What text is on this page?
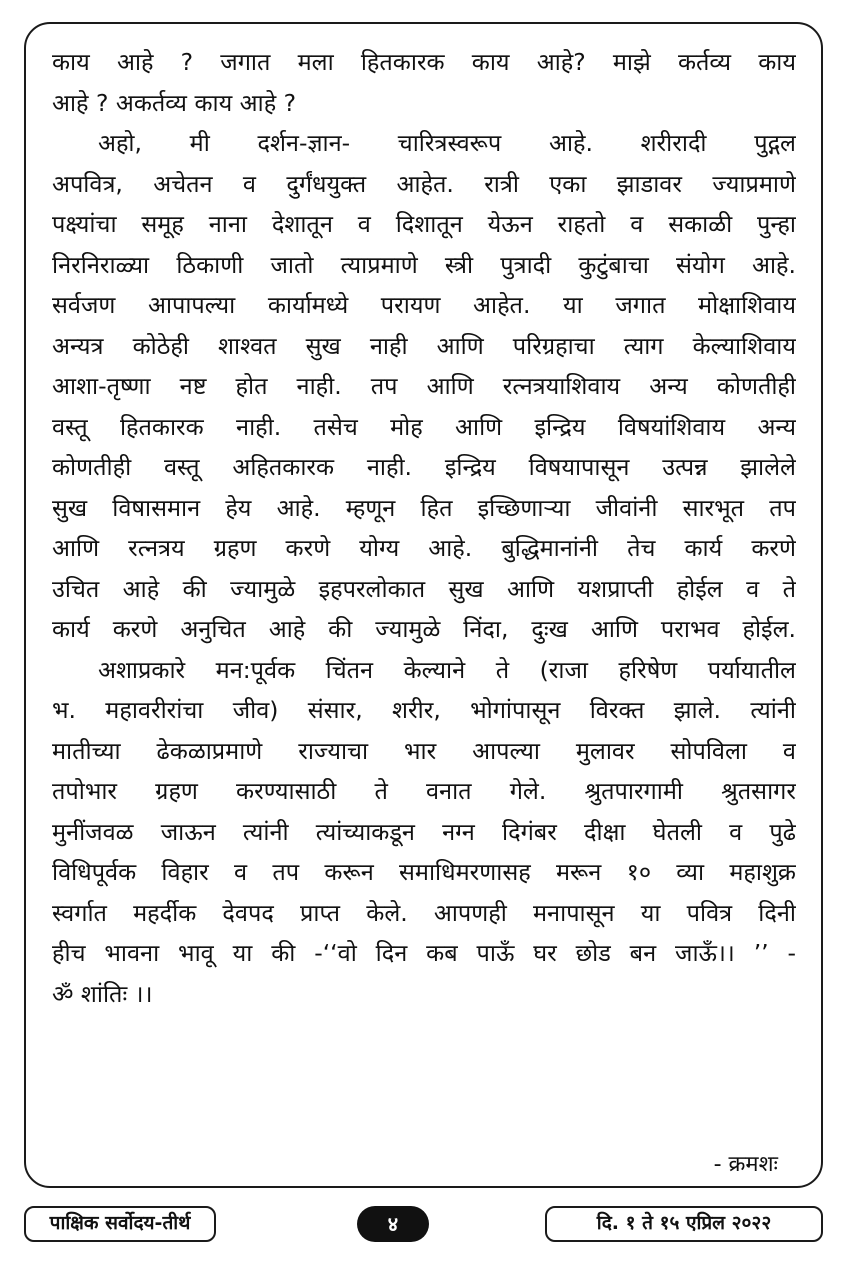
काय आहे ? जगात मला हितकारक काय आहे? माझे कर्तव्य काय
आहे ? अकर्तव्य काय आहे ?
अहो, मी दर्शन-ज्ञान- चारित्रस्वरूप आहे. शरीरादी पुद्गल
अपवित्र, अचेतन व दुर्गंधयुक्त आहेत. रात्री एका झाडावर ज्याप्रमाणे
पक्ष्यांचा समूह नाना देशातून व दिशातून येऊन राहतो व सकाळी पुन्हा
निरनिराळ्या ठिकाणी जातो त्याप्रमाणे स्त्री पुत्रादी कुटुंबाचा संयोग आहे.
सर्वजण आपापल्या कार्यामध्ये परायण आहेत. या जगात मोक्षाशिवाय
अन्यत्र कोठेही शाश्वत सुख नाही आणि परिग्रहाचा त्याग केल्याशिवाय
आशा-तृष्णा नष्ट होत नाही. तप आणि रत्नत्रयाशिवाय अन्य कोणतीही
वस्तू हितकारक नाही. तसेच मोह आणि इन्द्रिय विषयांशिवाय अन्य
कोणतीही वस्तू अहितकारक नाही. इन्द्रिय विषयापासून उत्पन्न झालेले
सुख विषासमान हेय आहे. म्हणून हित इच्छिणाऱ्या जीवांनी सारभूत तप
आणि रत्नत्रय ग्रहण करणे योग्य आहे. बुद्धिमानांनी तेच कार्य करणे
उचित आहे की ज्यामुळे इहपरलोकात सुख आणि यशप्राप्ती होईल व ते
कार्य करणे अनुचित आहे की ज्यामुळे निंदा, दुःख आणि पराभव होईल.
अशाप्रकारे मन:पूर्वक चिंतन केल्याने ते (राजा हरिषेण पर्यायातील
भ. महावरीरांचा जीव) संसार, शरीर, भोगांपासून विरक्त झाले. त्यांनी
मातीच्या ढेकळाप्रमाणे राज्याचा भार आपल्या मुलावर सोपविला व
तपोभार ग्रहण करण्यासाठी ते वनात गेले. श्रुतपारगामी श्रुतसागर
मुनींजवळ जाऊन त्यांनी त्यांच्याकडून नग्न दिगंबर दीक्षा घेतली व पुढे
विधिपूर्वक विहार व तप करून समाधिमरणासह मरून १० व्या महाशुक्र
स्वर्गात महर्दीक देवपद प्राप्त केले. आपणही मनापासून या पवित्र दिनी
हीच भावना भावू या की -‘‘वो दिन कब पाऊँ घर छोड बन जाऊँ।। ’’ -
ॐ शांतिः ।।
- क्रमशः
पाक्षिक सर्वोदय-तीर्थ	४	दि. १ ते १५ एप्रिल २०२२
